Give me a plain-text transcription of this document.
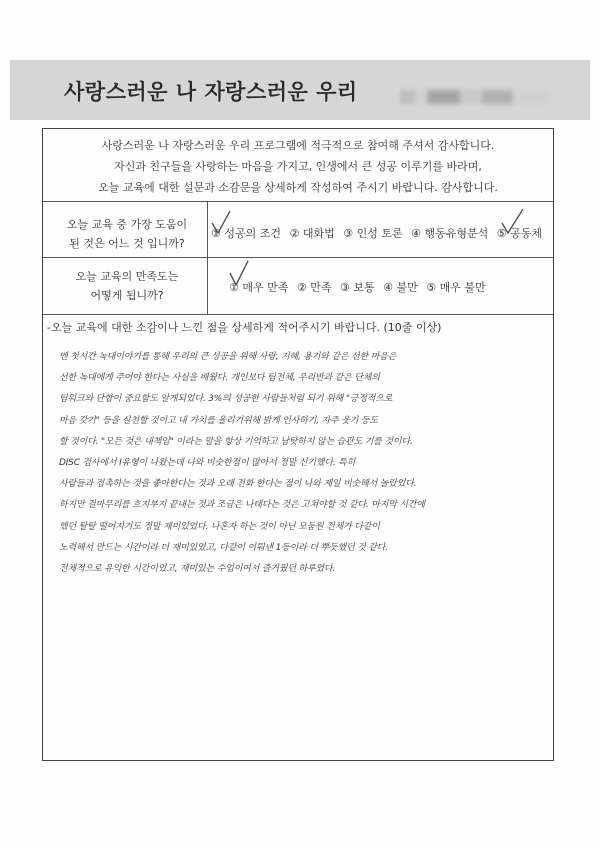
사랑스러운 나 자랑스러운 우리
사랑스러운 나 자랑스러운 우리 프로그램에 적극적으로 참여해 주셔서 감사합니다.
자신과 친구들을 사랑하는 마음을 가지고, 인생에서 큰 성공 이루기를 바라며,
오늘 교육에 대한 설문과 소감문을 상세하게 작성하여 주시기 바랍니다. 감사합니다.
오늘 교육 중 가장 도움이
된 것은 어느 것 입니까?
① 성공의 조건 ② 대화법 ③ 인성 토론 ④ 행동유형분석 ⑤ 공동체
오늘 교육의 만족도는
어떻게 됩니까?
① 매우 만족 ② 만족 ③ 보통 ④ 불만 ⑤ 매우 불만
-오늘 교육에 대한 소감이나 느낀 점을 상세하게 적어주시기 바랍니다. (10줄 이상)
맨 첫시간 녹대이야기를 통해 우리의 큰 성공을 위해 사랑, 지혜, 용기와 같은 선한 마음은
선한 녹대에게 주어야 한다는 사실을 배웠다. 개인보다 팀전체, 우리반과 같은 단체의
팀워크와 단합이 중요함도 알게되었다. 3%의 성공한 사람들처럼 되기 위해 "긍정적으로
마음 갖기" 등을 실천할 것이고 내 가치를 올리기위해 밝게 인사하기, 자주 웃기 등도
할 것이다. "모든 것은 내책임" 이라는 말을 항상 기억하고 남탓하지 않는 습관도 기를 것이다.
DISC 검사에서 I유형이 나왔는데 나와 비슷한점이 많아서 정말 신기했다. 특히
사람들과 접촉하는 것을 좋아한다는 것과 오래 전화 한다는 점이 나와 제일 비슷해서 놀랐었다.
하지만 걸마무리를 흐지부지 끝내는 것과 조금은 나태다는 것은 고쳐야할 것 같다. 마지막 시간에
했던 탈탈 떨어지기도 정말 재미있었다. 나혼자 하는 것이 아닌 모둠원 전체가 다같이
노력해서 만드는 시간이라 더 재미있었고, 다같이 이뤄낸 1등이라 더 뿌듯했던 것 같다.
전체적으로 유익한 시간이었고, 재미있는 수업이여서 즐거웠던 하루였다.
